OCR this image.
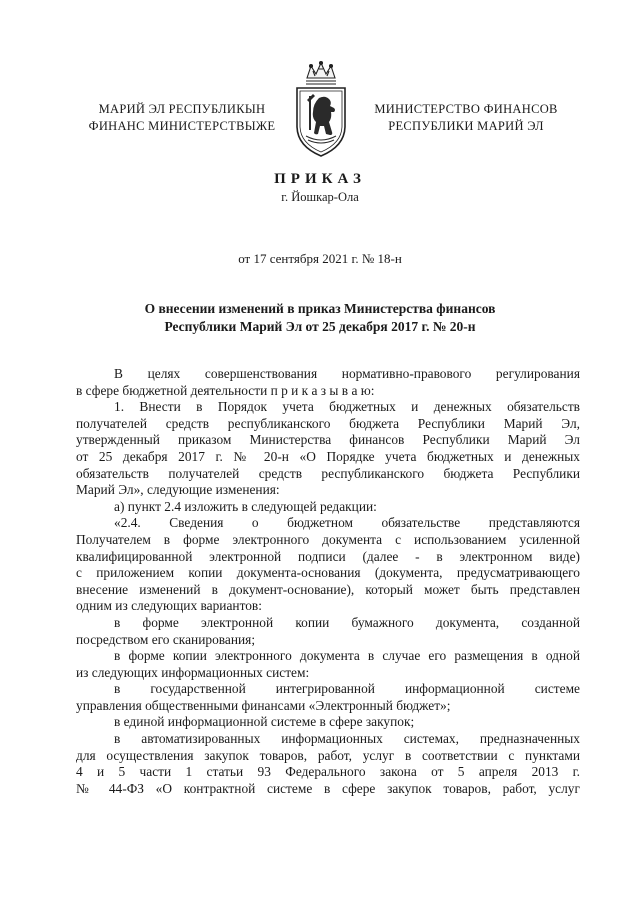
МАРИЙ ЭЛ РЕСПУБЛИКЫН
ФИНАНС МИНИСТЕРСТВЫЖЕ
МИНИСТЕРСТВО ФИНАНСОВ
РЕСПУБЛИКИ МАРИЙ ЭЛ
ПРИКАЗ
г. Йошкар-Ола
от 17 сентября 2021 г. № 18-н
О внесении изменений в приказ Министерства финансов
Республики Марий Эл от 25 декабря 2017 г. № 20-н
В целях совершенствования нормативно-правового регулирования
в сфере бюджетной деятельности п р и к а з ы в а ю:
1. Внести в Порядок учета бюджетных и денежных обязательств
получателей средств республиканского бюджета Республики Марий Эл,
утвержденный приказом Министерства финансов Республики Марий Эл
от 25 декабря 2017 г. № 20-н «О Порядке учета бюджетных и денежных
обязательств получателей средств республиканского бюджета Республики
Марий Эл», следующие изменения:
а) пункт 2.4 изложить в следующей редакции:
«2.4. Сведения о бюджетном обязательстве представляются
Получателем в форме электронного документа с использованием усиленной
квалифицированной электронной подписи (далее - в электронном виде)
с приложением копии документа-основания (документа, предусматривающего
внесение изменений в документ-основание), который может быть представлен
одним из следующих вариантов:
в форме электронной копии бумажного документа, созданной
посредством его сканирования;
в форме копии электронного документа в случае его размещения в одной
из следующих информационных систем:
в государственной интегрированной информационной системе
управления общественными финансами «Электронный бюджет»;
в единой информационной системе в сфере закупок;
в автоматизированных информационных системах, предназначенных
для осуществления закупок товаров, работ, услуг в соответствии с пунктами
4 и 5 части 1 статьи 93 Федерального закона от 5 апреля 2013 г.
№ 44-ФЗ «О контрактной системе в сфере закупок товаров, работ, услуг
